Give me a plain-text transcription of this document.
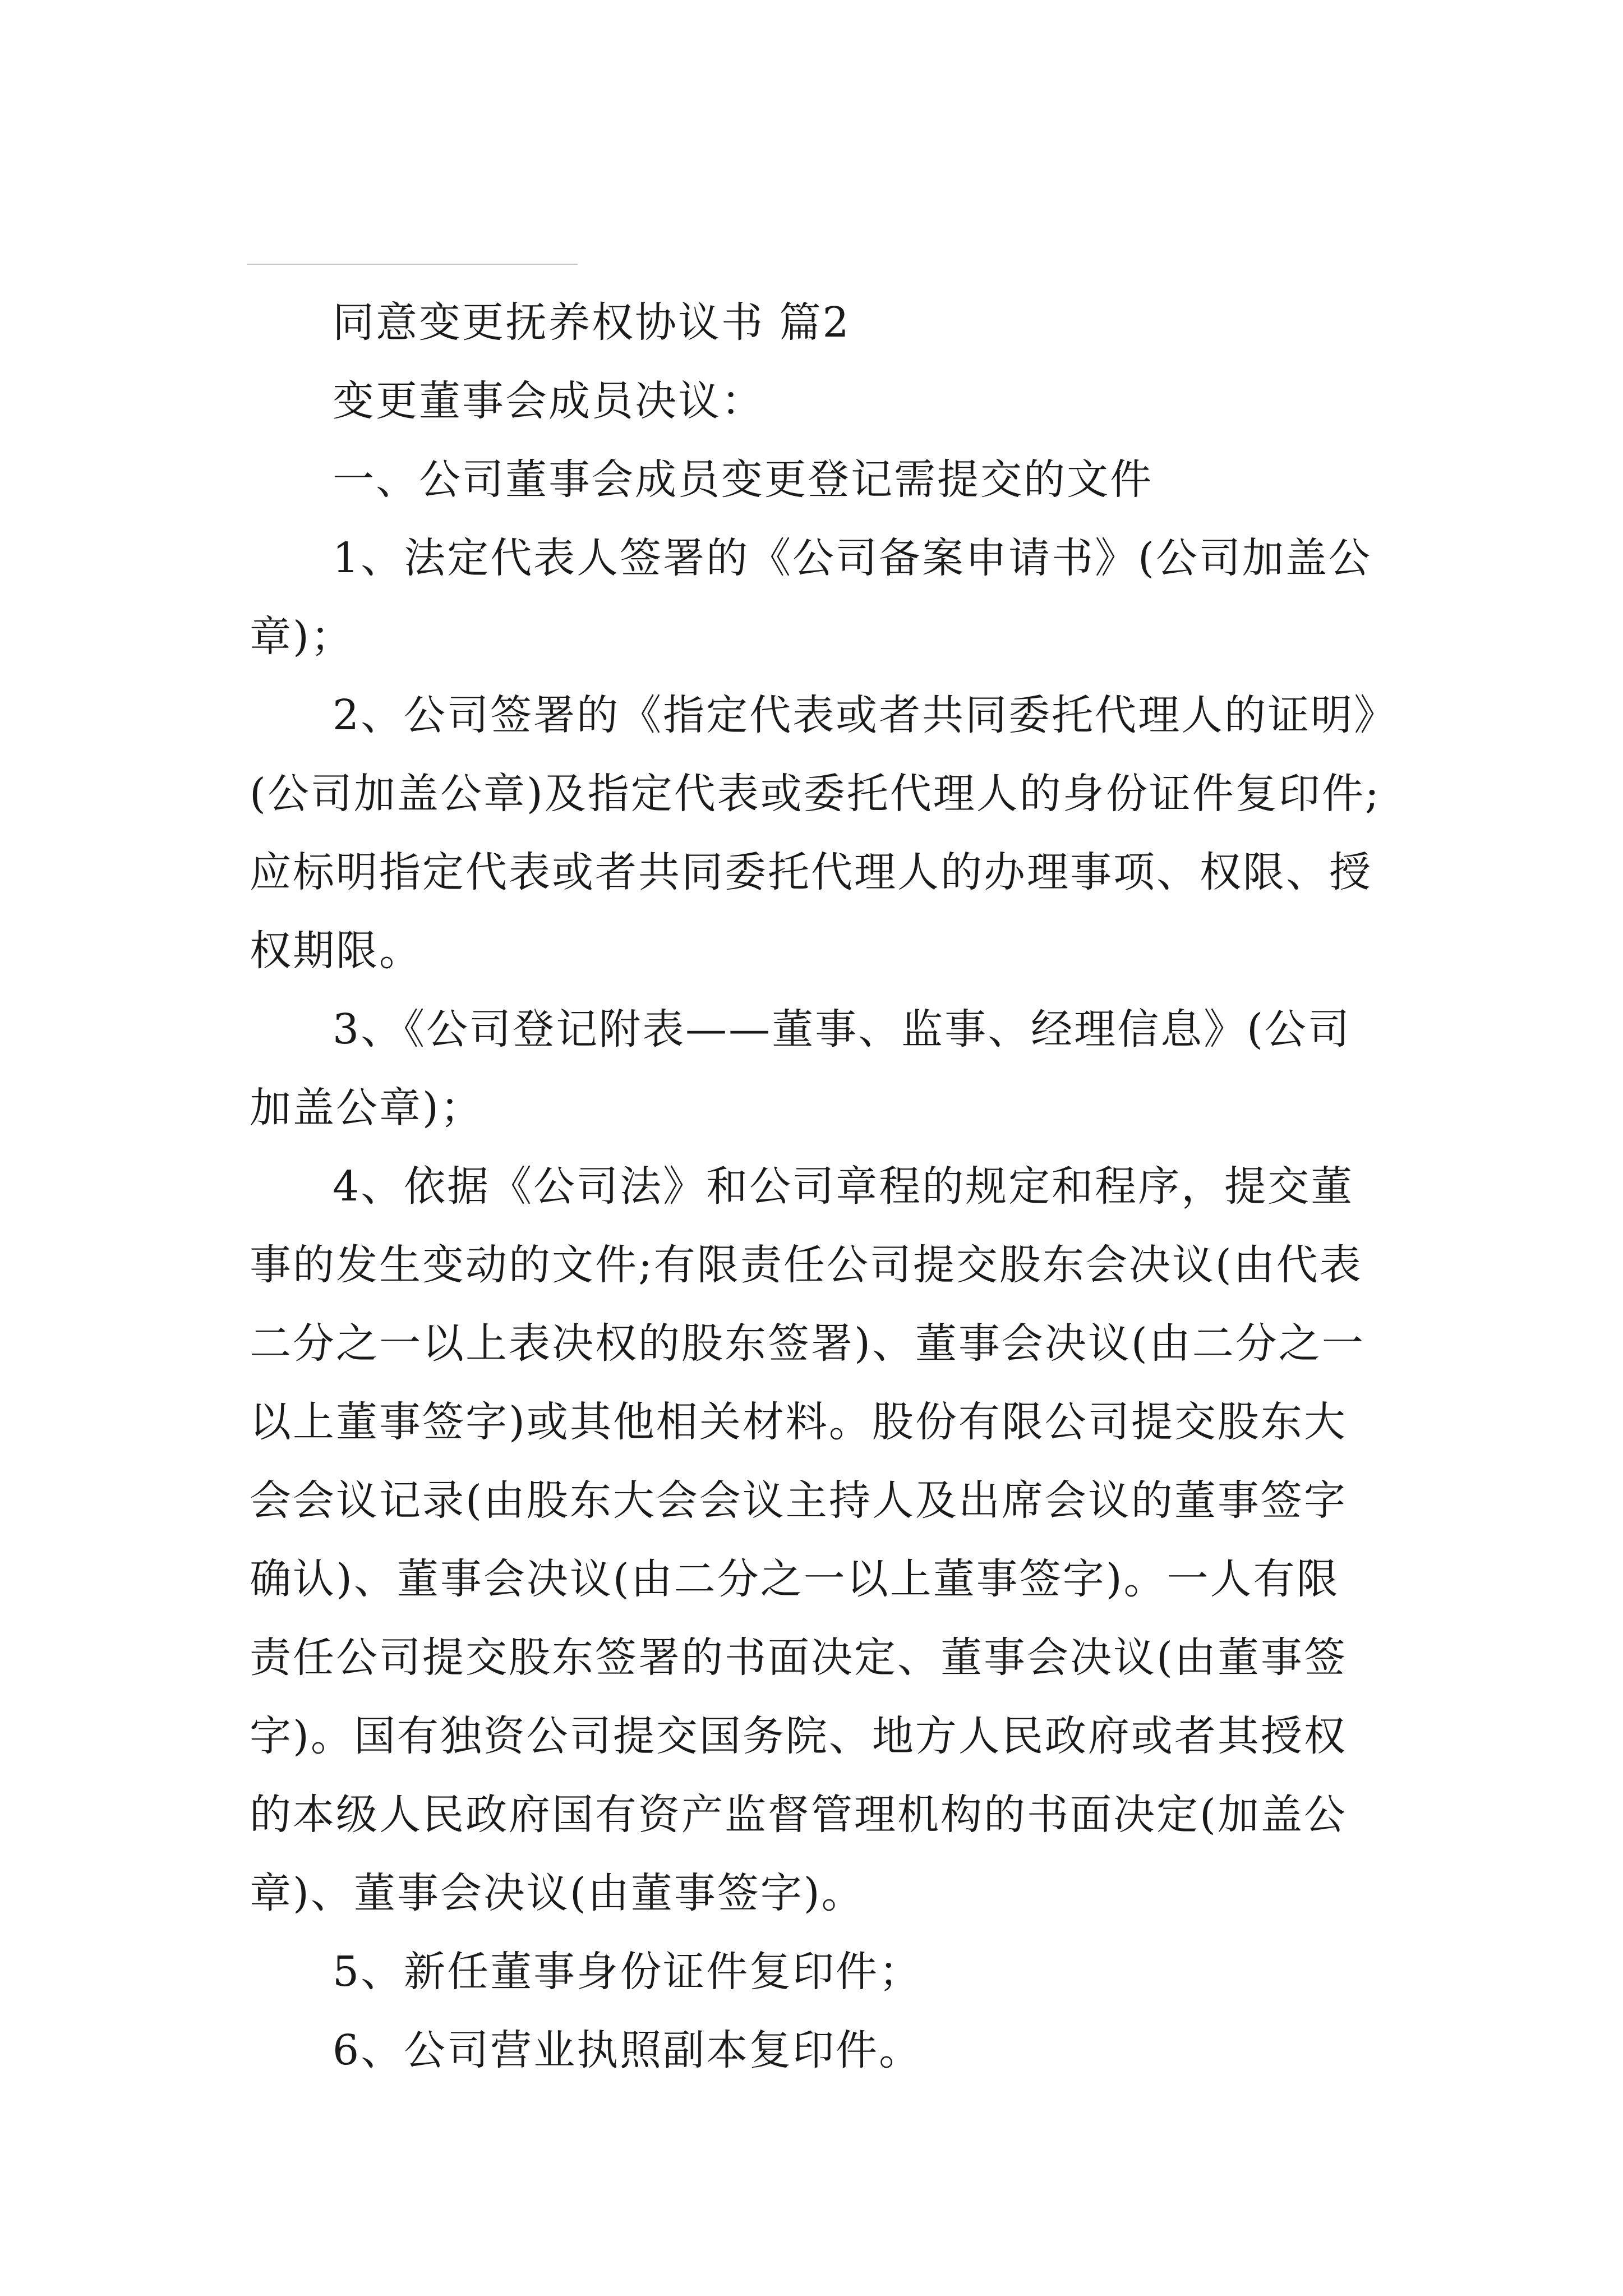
同意变更抚养权协议书 篇2

变更董事会成员决议：

一、公司董事会成员变更登记需提交的文件

1、法定代表人签署的《公司备案申请书》(公司加盖公章)；

2、公司签署的《指定代表或者共同委托代理人的证明》(公司加盖公章)及指定代表或委托代理人的身份证件复印件;应标明指定代表或者共同委托代理人的办理事项、权限、授权期限。

3、《公司登记附表——董事、监事、经理信息》(公司加盖公章)；

4、依据《公司法》和公司章程的规定和程序，提交董事的发生变动的文件;有限责任公司提交股东会决议(由代表二分之一以上表决权的股东签署)、董事会决议(由二分之一以上董事签字)或其他相关材料。股份有限公司提交股东大会会议记录(由股东大会会议主持人及出席会议的董事签字确认)、董事会决议(由二分之一以上董事签字)。一人有限责任公司提交股东签署的书面决定、董事会决议(由董事签字)。国有独资公司提交国务院、地方人民政府或者其授权的本级人民政府国有资产监督管理机构的书面决定(加盖公章)、董事会决议(由董事签字)。

5、新任董事身份证件复印件；

6、公司营业执照副本复印件。
